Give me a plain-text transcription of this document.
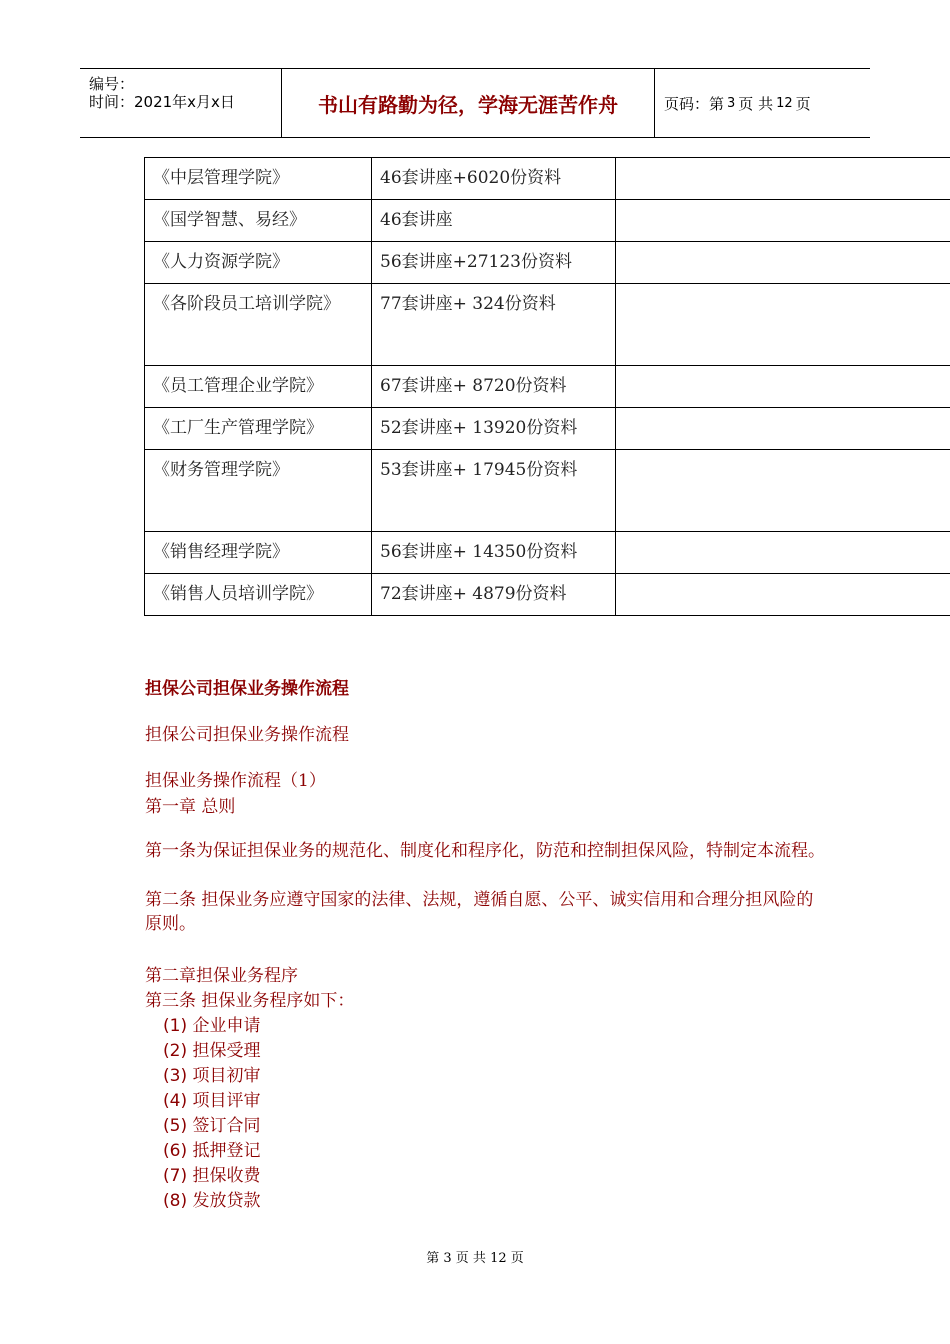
编号：
时间：2021年x月x日	书山有路勤为径，学海无涯苦作舟	页码：第 3 页 共 12 页
《中层管理学院》	46套讲座+6020份资料	
《国学智慧、易经》	46套讲座	
《人力资源学院》	56套讲座+27123份资料	
《各阶段员工培训学院》	77套讲座+ 324份资料	
《员工管理企业学院》	67套讲座+ 8720份资料	
《工厂生产管理学院》	52套讲座+ 13920份资料	
《财务管理学院》	53套讲座+ 17945份资料	
《销售经理学院》	56套讲座+ 14350份资料	
《销售人员培训学院》	72套讲座+ 4879份资料	
担保公司担保业务操作流程
担保公司担保业务操作流程
担保业务操作流程（1）
第一章 总则
第一条为保证担保业务的规范化、制度化和程序化，防范和控制担保风险，特制定本流程。
第二条 担保业务应遵守国家的法律、法规，遵循自愿、公平、诚实信用和合理分担风险的原则。
第二章担保业务程序
第三条 担保业务程序如下：
(1) 企业申请
(2) 担保受理
(3) 项目初审
(4) 项目评审
(5) 签订合同
(6) 抵押登记
(7) 担保收费
(8) 发放贷款
第 3 页 共 12 页
